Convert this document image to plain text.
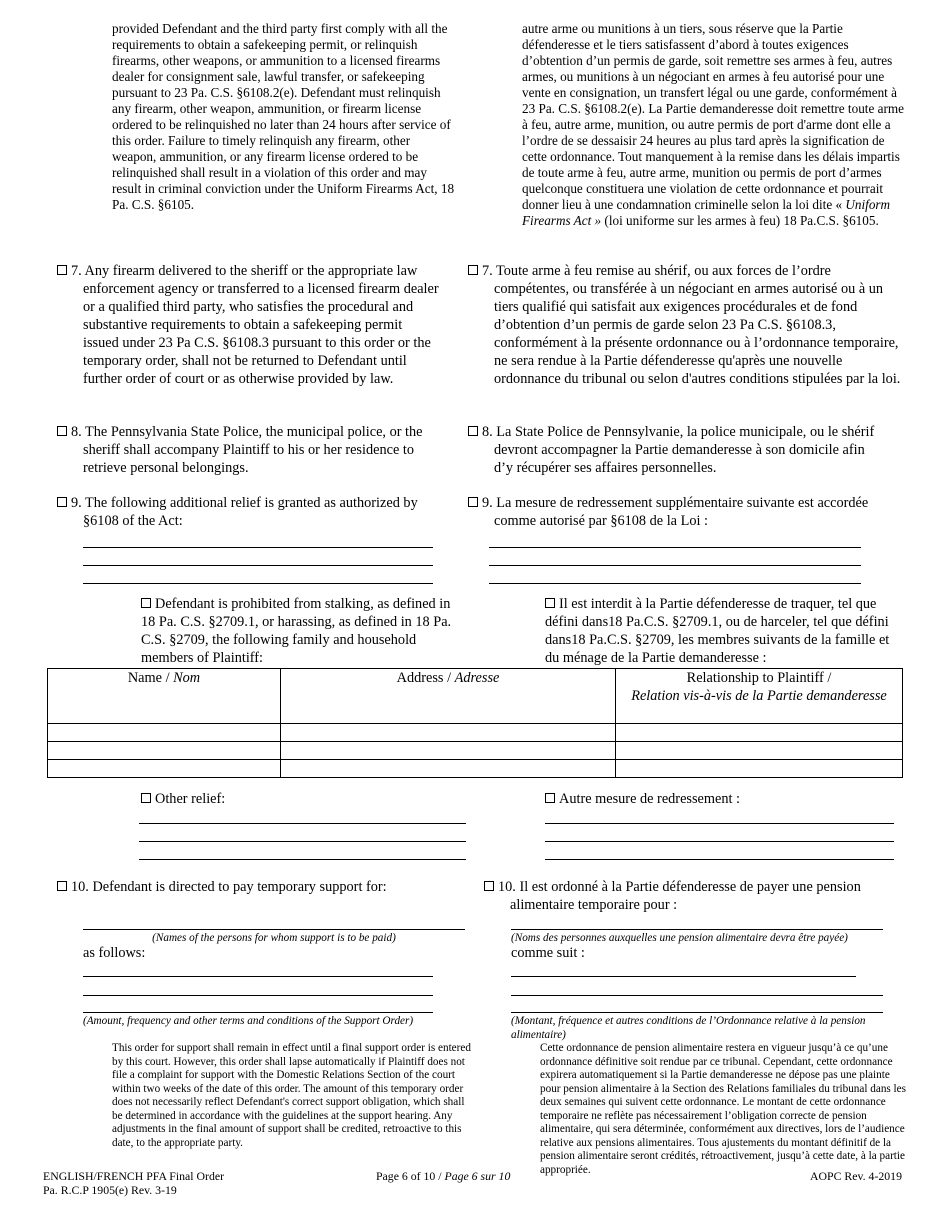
provided Defendant and the third party first comply with all the requirements to obtain a safekeeping permit, or relinquish firearms, other weapons, or ammunition to a licensed firearms dealer for consignment sale, lawful transfer, or safekeeping pursuant to 23 Pa. C.S. §6108.2(e). Defendant must relinquish any firearm, other weapon, ammunition, or firearm license ordered to be relinquished no later than 24 hours after service of this order. Failure to timely relinquish any firearm, other weapon, ammunition, or any firearm license ordered to be relinquished shall result in a violation of this order and may result in criminal conviction under the Uniform Firearms Act, 18 Pa. C.S. §6105.
autre arme ou munitions à un tiers, sous réserve que la Partie défenderesse et le tiers satisfassent d’abord à toutes exigences d’obtention d’un permis de garde, soit remettre ses armes à feu, autres armes, ou munitions à un négociant en armes à feu autorisé pour une vente en consignation, un transfert légal ou une garde, conformément à 23 Pa. C.S. §6108.2(e). La Partie demanderesse doit remettre toute arme à feu, autre arme, munition, ou autre permis de port d'arme dont elle a l’ordre de se dessaisir 24 heures au plus tard après la signification de cette ordonnance. Tout manquement à la remise dans les délais impartis de toute arme à feu, autre arme, munition ou permis de port d’armes quelconque constituera une violation de cette ordonnance et pourrait donner lieu à une condamnation criminelle selon la loi dite « Uniform Firearms Act » (loi uniforme sur les armes à feu) 18 Pa.C.S. §6105.
7. Any firearm delivered to the sheriff or the appropriate law enforcement agency or transferred to a licensed firearm dealer or a qualified third party, who satisfies the procedural and substantive requirements to obtain a safekeeping permit issued under 23 Pa C.S. §6108.3 pursuant to this order or the temporary order, shall not be returned to Defendant until further order of court or as otherwise provided by law.
7. Toute arme à feu remise au shérif, ou aux forces de l’ordre compétentes, ou transférée à un négociant en armes autorisé ou à un tiers qualifié qui satisfait aux exigences procédurales et de fond d’obtention d’un permis de garde selon 23 Pa C.S. §6108.3, conformément à la présente ordonnance ou à l’ordonnance temporaire, ne sera rendue à la Partie défenderesse qu'après une nouvelle ordonnance du tribunal ou selon d'autres conditions stipulées par la loi.
8. The Pennsylvania State Police, the municipal police, or the sheriff shall accompany Plaintiff to his or her residence to retrieve personal belongings.
8. La State Police de Pennsylvanie, la police municipale, ou le shérif devront accompagner la Partie demanderesse à son domicile afin d’y récupérer ses affaires personnelles.
9. The following additional relief is granted as authorized by §6108 of the Act:
9. La mesure de redressement supplémentaire suivante est accordée comme autorisé par §6108 de la Loi :
Defendant is prohibited from stalking, as defined in 18 Pa. C.S. §2709.1, or harassing, as defined in 18 Pa. C.S. §2709, the following family and household members of Plaintiff:
Il est interdit à la Partie défenderesse de traquer, tel que défini dans18 Pa.C.S. §2709.1, ou de harceler, tel que défini dans18 Pa.C.S. §2709, les membres suivants de la famille et du ménage de la Partie demanderesse :
Name / Nom	Address / Adresse	Relationship to Plaintiff /
Relation vis-à-vis de la Partie demanderesse

Other relief:	Autre mesure de redressement :
10. Defendant is directed to pay temporary support for:	10. Il est ordonné à la Partie défenderesse de payer une pension alimentaire temporaire pour :
(Names of the persons for whom support is to be paid)	(Noms des personnes auxquelles une pension alimentaire devra être payée)
as follows:	comme suit :
(Amount, frequency and other terms and conditions of the Support Order)	(Montant, fréquence et autres conditions de l’Ordonnance relative à la pension alimentaire)
This order for support shall remain in effect until a final support order is entered by this court. However, this order shall lapse automatically if Plaintiff does not file a complaint for support with the Domestic Relations Section of the court within two weeks of the date of this order. The amount of this temporary order does not necessarily reflect Defendant's correct support obligation, which shall be determined in accordance with the guidelines at the support hearing. Any adjustments in the final amount of support shall be credited, retroactive to this date, to the appropriate party.
Cette ordonnance de pension alimentaire restera en vigueur jusqu’à ce qu’une ordonnance définitive soit rendue par ce tribunal. Cependant, cette ordonnance expirera automatiquement si la Partie demanderesse ne dépose pas une plainte pour pension alimentaire à la Section des Relations familiales du tribunal dans les deux semaines qui suivent cette ordonnance. Le montant de cette ordonnance temporaire ne reflète pas nécessairement l’obligation correcte de pension alimentaire, qui sera déterminée, conformément aux directives, lors de l’audience relative aux pensions alimentaires. Tous ajustements du montant définitif de la pension alimentaire seront crédités, rétroactivement, jusqu’à cette date, à la partie appropriée.
ENGLISH/FRENCH PFA Final Order
Pa. R.C.P 1905(e) Rev. 3-19
Page 6 of 10 / Page 6 sur 10	AOPC Rev. 4-2019
